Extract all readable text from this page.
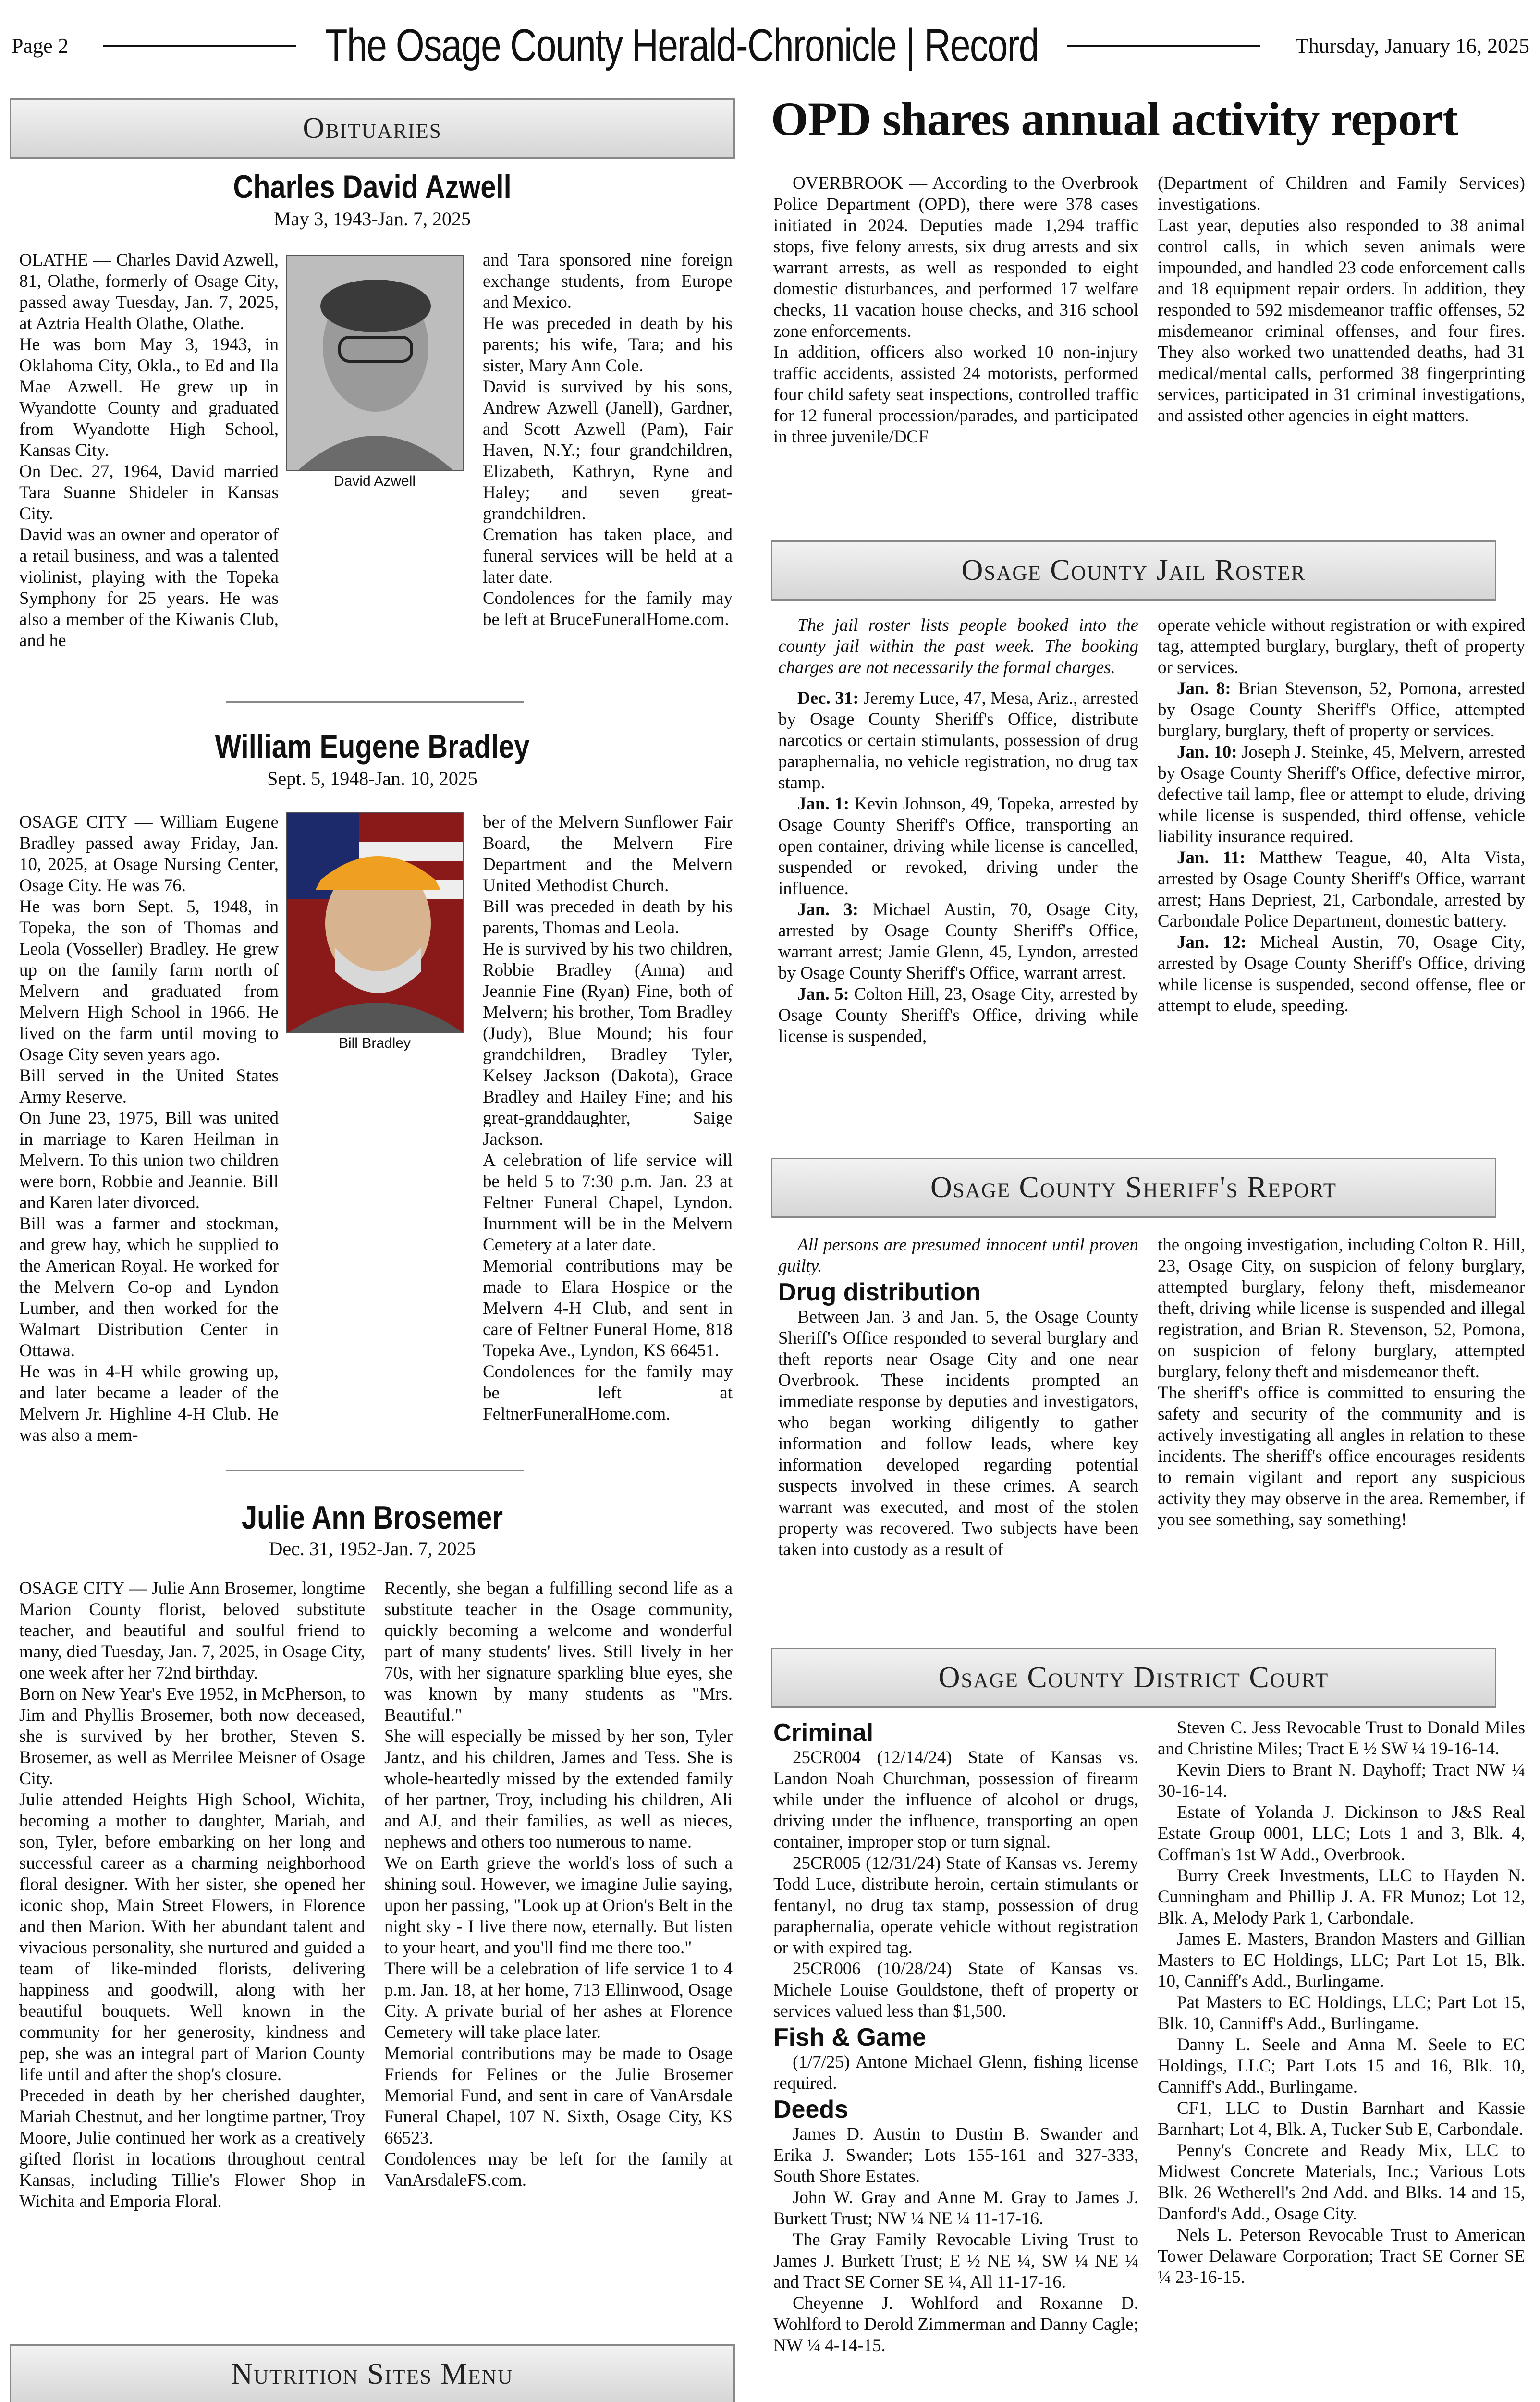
Page 2	The Osage County Herald-Chronicle | Record	Thursday, January 16, 2025
Obituaries
Charles David Azwell
May 3, 1943-Jan. 7, 2025
David Azwell
OLATHE — Charles David Azwell, 81, Olathe, formerly of Osage City, passed away Tuesday, Jan. 7, 2025, at Aztria Health Olathe, Olathe.
He was born May 3, 1943, in Oklahoma City, Okla., to Ed and Ila Mae Azwell. He grew up in Wyandotte County and graduated from Wyandotte High School, Kansas City.
On Dec. 27, 1964, David married Tara Suanne Shideler in Kansas City.
David was an owner and operator of a retail business, and was a talented violinist, playing with the Topeka Symphony for 25 years. He was also a member of the Kiwanis Club, and he
and Tara sponsored nine foreign exchange students, from Europe and Mexico.
He was preceded in death by his parents; his wife, Tara; and his sister, Mary Ann Cole.
David is survived by his sons, Andrew Azwell (Janell), Gardner, and Scott Azwell (Pam), Fair Haven, N.Y.; four grandchildren, Elizabeth, Kathryn, Ryne and Haley; and seven great-grandchildren.
Cremation has taken place, and funeral services will be held at a later date.
Condolences for the family may be left at BruceFuneralHome.com.
William Eugene Bradley
Sept. 5, 1948-Jan. 10, 2025
Bill Bradley
OSAGE CITY — William Eugene Bradley passed away Friday, Jan. 10, 2025, at Osage Nursing Center, Osage City. He was 76.
He was born Sept. 5, 1948, in Topeka, the son of Thomas and Leola (Vosseller) Bradley. He grew up on the family farm north of Melvern and graduated from Melvern High School in 1966. He lived on the farm until moving to Osage City seven years ago.
Bill served in the United States Army Reserve.
On June 23, 1975, Bill was united in marriage to Karen Heilman in Melvern. To this union two children were born, Robbie and Jeannie. Bill and Karen later divorced.
Bill was a farmer and stockman, and grew hay, which he supplied to the American Royal. He worked for the Melvern Co-op and Lyndon Lumber, and then worked for the Walmart Distribution Center in Ottawa.
He was in 4-H while growing up, and later became a leader of the Melvern Jr. Highline 4-H Club. He was also a mem-
ber of the Melvern Sunflower Fair Board, the Melvern Fire Department and the Melvern United Methodist Church.
Bill was preceded in death by his parents, Thomas and Leola.
He is survived by his two children, Robbie Bradley (Anna) and Jeannie Fine (Ryan) Fine, both of Melvern; his brother, Tom Bradley (Judy), Blue Mound; his four grandchildren, Bradley Tyler, Kelsey Jackson (Dakota), Grace Bradley and Hailey Fine; and his great-granddaughter, Saige Jackson.
A celebration of life service will be held 5 to 7:30 p.m. Jan. 23 at Feltner Funeral Chapel, Lyndon. Inurnment will be in the Melvern Cemetery at a later date.
Memorial contributions may be made to Elara Hospice or the Melvern 4-H Club, and sent in care of Feltner Funeral Home, 818 Topeka Ave., Lyndon, KS 66451.
Condolences for the family may be left at FeltnerFuneralHome.com.
Julie Ann Brosemer
Dec. 31, 1952-Jan. 7, 2025
OSAGE CITY — Julie Ann Brosemer, longtime Marion County florist, beloved substitute teacher, and beautiful and soulful friend to many, died Tuesday, Jan. 7, 2025, in Osage City, one week after her 72nd birthday.
Born on New Year's Eve 1952, in McPherson, to Jim and Phyllis Brosemer, both now deceased, she is survived by her brother, Steven S. Brosemer, as well as Merrilee Meisner of Osage City.
Julie attended Heights High School, Wichita, becoming a mother to daughter, Mariah, and son, Tyler, before embarking on her long and successful career as a charming neighborhood floral designer. With her sister, she opened her iconic shop, Main Street Flowers, in Florence and then Marion. With her abundant talent and vivacious personality, she nurtured and guided a team of like-minded florists, delivering happiness and goodwill, along with her beautiful bouquets. Well known in the community for her generosity, kindness and pep, she was an integral part of Marion County life until and after the shop's closure.
Preceded in death by her cherished daughter, Mariah Chestnut, and her longtime partner, Troy Moore, Julie continued her work as a creatively gifted florist in locations throughout central Kansas, including Tillie's Flower Shop in Wichita and Emporia Floral.
Recently, she began a fulfilling second life as a substitute teacher in the Osage community, quickly becoming a welcome and wonderful part of many students' lives. Still lively in her 70s, with her signature sparkling blue eyes, she was known by many students as "Mrs. Beautiful."
She will especially be missed by her son, Tyler Jantz, and his children, James and Tess. She is whole-heartedly missed by the extended family of her partner, Troy, including his children, Ali and AJ, and their families, as well as nieces, nephews and others too numerous to name.
We on Earth grieve the world's loss of such a shining soul. However, we imagine Julie saying, upon her passing, "Look up at Orion's Belt in the night sky - I live there now, eternally. But listen to your heart, and you'll find me there too."
There will be a celebration of life service 1 to 4 p.m. Jan. 18, at her home, 713 Ellinwood, Osage City. A private burial of her ashes at Florence Cemetery will take place later.
Memorial contributions may be made to Osage Friends for Felines or the Julie Brosemer Memorial Fund, and sent in care of VanArsdale Funeral Chapel, 107 N. Sixth, Osage City, KS 66523.
Condolences may be left for the family at VanArsdaleFS.com.
Nutrition Sites Menu

OPD shares annual activity report
OVERBROOK — According to the Overbrook Police Department (OPD), there were 378 cases initiated in 2024. Deputies made 1,294 traffic stops, five felony arrests, six drug arrests and six warrant arrests, as well as responded to eight domestic disturbances, and performed 17 welfare checks, 11 vacation house checks, and 316 school zone enforcements.
In addition, officers also worked 10 non-injury traffic accidents, assisted 24 motorists, performed four child safety seat inspections, controlled traffic for 12 funeral procession/parades, and participated in three juvenile/DCF
(Department of Children and Family Services) investigations.
Last year, deputies also responded to 38 animal control calls, in which seven animals were impounded, and handled 23 code enforcement calls and 18 equipment repair orders. In addition, they responded to 592 misdemeanor traffic offenses, 52 misdemeanor criminal offenses, and four fires. They also worked two unattended deaths, had 31 medical/mental calls, performed 38 fingerprinting services, participated in 31 criminal investigations, and assisted other agencies in eight matters.
Osage County Jail Roster

The jail roster lists people booked into the county jail within the past week. The booking charges are not necessarily the formal charges.

Dec. 31: Jeremy Luce, 47, Mesa, Ariz., arrested by Osage County Sheriff's Office, distribute narcotics or certain stimulants, possession of drug paraphernalia, no vehicle registration, no drug tax stamp.

Jan. 1: Kevin Johnson, 49, Topeka, arrested by Osage County Sheriff's Office, transporting an open container, driving while license is cancelled, suspended or revoked, driving under the influence.

Jan. 3: Michael Austin, 70, Osage City, arrested by Osage County Sheriff's Office, warrant arrest; Jamie Glenn, 45, Lyndon, arrested by Osage County Sheriff's Office, warrant arrest.

Jan. 5: Colton Hill, 23, Osage City, arrested by Osage County Sheriff's Office, driving while license is suspended,

operate vehicle without registration or with expired tag, attempted burglary, burglary, theft of property or services.

Jan. 8: Brian Stevenson, 52, Pomona, arrested by Osage County Sheriff's Office, attempted burglary, burglary, theft of property or services.

Jan. 10: Joseph J. Steinke, 45, Melvern, arrested by Osage County Sheriff's Office, defective mirror, defective tail lamp, flee or attempt to elude, driving while license is suspended, third offense, vehicle liability insurance required.

Jan. 11: Matthew Teague, 40, Alta Vista, arrested by Osage County Sheriff's Office, warrant arrest; Hans Depriest, 21, Carbondale, arrested by Carbondale Police Department, domestic battery.

Jan. 12: Micheal Austin, 70, Osage City, arrested by Osage County Sheriff's Office, driving while license is suspended, second offense, flee or attempt to elude, speeding.

Osage County Sheriff's Report

All persons are presumed innocent until proven guilty.

Drug distribution

Between Jan. 3 and Jan. 5, the Osage County Sheriff's Office responded to several burglary and theft reports near Osage City and one near Overbrook. These incidents prompted an immediate response by deputies and investigators, who began working diligently to gather information and follow leads, where key information developed regarding potential suspects involved in these crimes. A search warrant was executed, and most of the stolen property was recovered. Two subjects have been taken into custody as a result of

the ongoing investigation, including Colton R. Hill, 23, Osage City, on suspicion of felony burglary, attempted burglary, felony theft, misdemeanor theft, driving while license is suspended and illegal registration, and Brian R. Stevenson, 52, Pomona, on suspicion of felony burglary, attempted burglary, felony theft and misdemeanor theft.
The sheriff's office is committed to ensuring the safety and security of the community and is actively investigating all angles in relation to these incidents. The sheriff's office encourages residents to remain vigilant and report any suspicious activity they may observe in the area. Remember, if you see something, say something!
Osage County District Court
Criminal

25CR004 (12/14/24) State of Kansas vs. Landon Noah Churchman, possession of firearm while under the influence of alcohol or drugs, driving under the influence, transporting an open container, improper stop or turn signal.

25CR005 (12/31/24) State of Kansas vs. Jeremy Todd Luce, distribute heroin, certain stimulants or fentanyl, no drug tax stamp, possession of drug paraphernalia, operate vehicle without registration or with expired tag.

25CR006 (10/28/24) State of Kansas vs. Michele Louise Gouldstone, theft of property or services valued less than $1,500.

Fish & Game

(1/7/25) Antone Michael Glenn, fishing license required.

Deeds

James D. Austin to Dustin B. Swander and Erika J. Swander; Lots 155-161 and 327-333, South Shore Estates.

John W. Gray and Anne M. Gray to James J. Burkett Trust; NW ¼ NE ¼ 11-17-16.

The Gray Family Revocable Living Trust to James J. Burkett Trust; E ½ NE ¼, SW ¼ NE ¼ and Tract SE Corner SE ¼, All 11-17-16.

Cheyenne J. Wohlford and Roxanne D. Wohlford to Derold Zimmerman and Danny Cagle; NW ¼ 4-14-15.

Steven C. Jess Revocable Trust to Donald Miles and Christine Miles; Tract E ½ SW ¼ 19-16-14.

Kevin Diers to Brant N. Dayhoff; Tract NW ¼ 30-16-14.

Estate of Yolanda J. Dickinson to J&S Real Estate Group 0001, LLC; Lots 1 and 3, Blk. 4, Coffman's 1st W Add., Overbrook.

Burry Creek Investments, LLC to Hayden N. Cunningham and Phillip J. A. FR Munoz; Lot 12, Blk. A, Melody Park 1, Carbondale.

James E. Masters, Brandon Masters and Gillian Masters to EC Holdings, LLC; Part Lot 15, Blk. 10, Canniff's Add., Burlingame.

Pat Masters to EC Holdings, LLC; Part Lot 15, Blk. 10, Canniff's Add., Burlingame.

Danny L. Seele and Anna M. Seele to EC Holdings, LLC; Part Lots 15 and 16, Blk. 10, Canniff's Add., Burlingame.

CF1, LLC to Dustin Barnhart and Kassie Barnhart; Lot 4, Blk. A, Tucker Sub E, Carbondale.

Penny's Concrete and Ready Mix, LLC to Midwest Concrete Materials, Inc.; Various Lots Blk. 26 Wetherell's 2nd Add. and Blks. 14 and 15, Danford's Add., Osage City.

Nels L. Peterson Revocable Trust to American Tower Delaware Corporation; Tract SE Corner SE ¼ 23-16-15.
